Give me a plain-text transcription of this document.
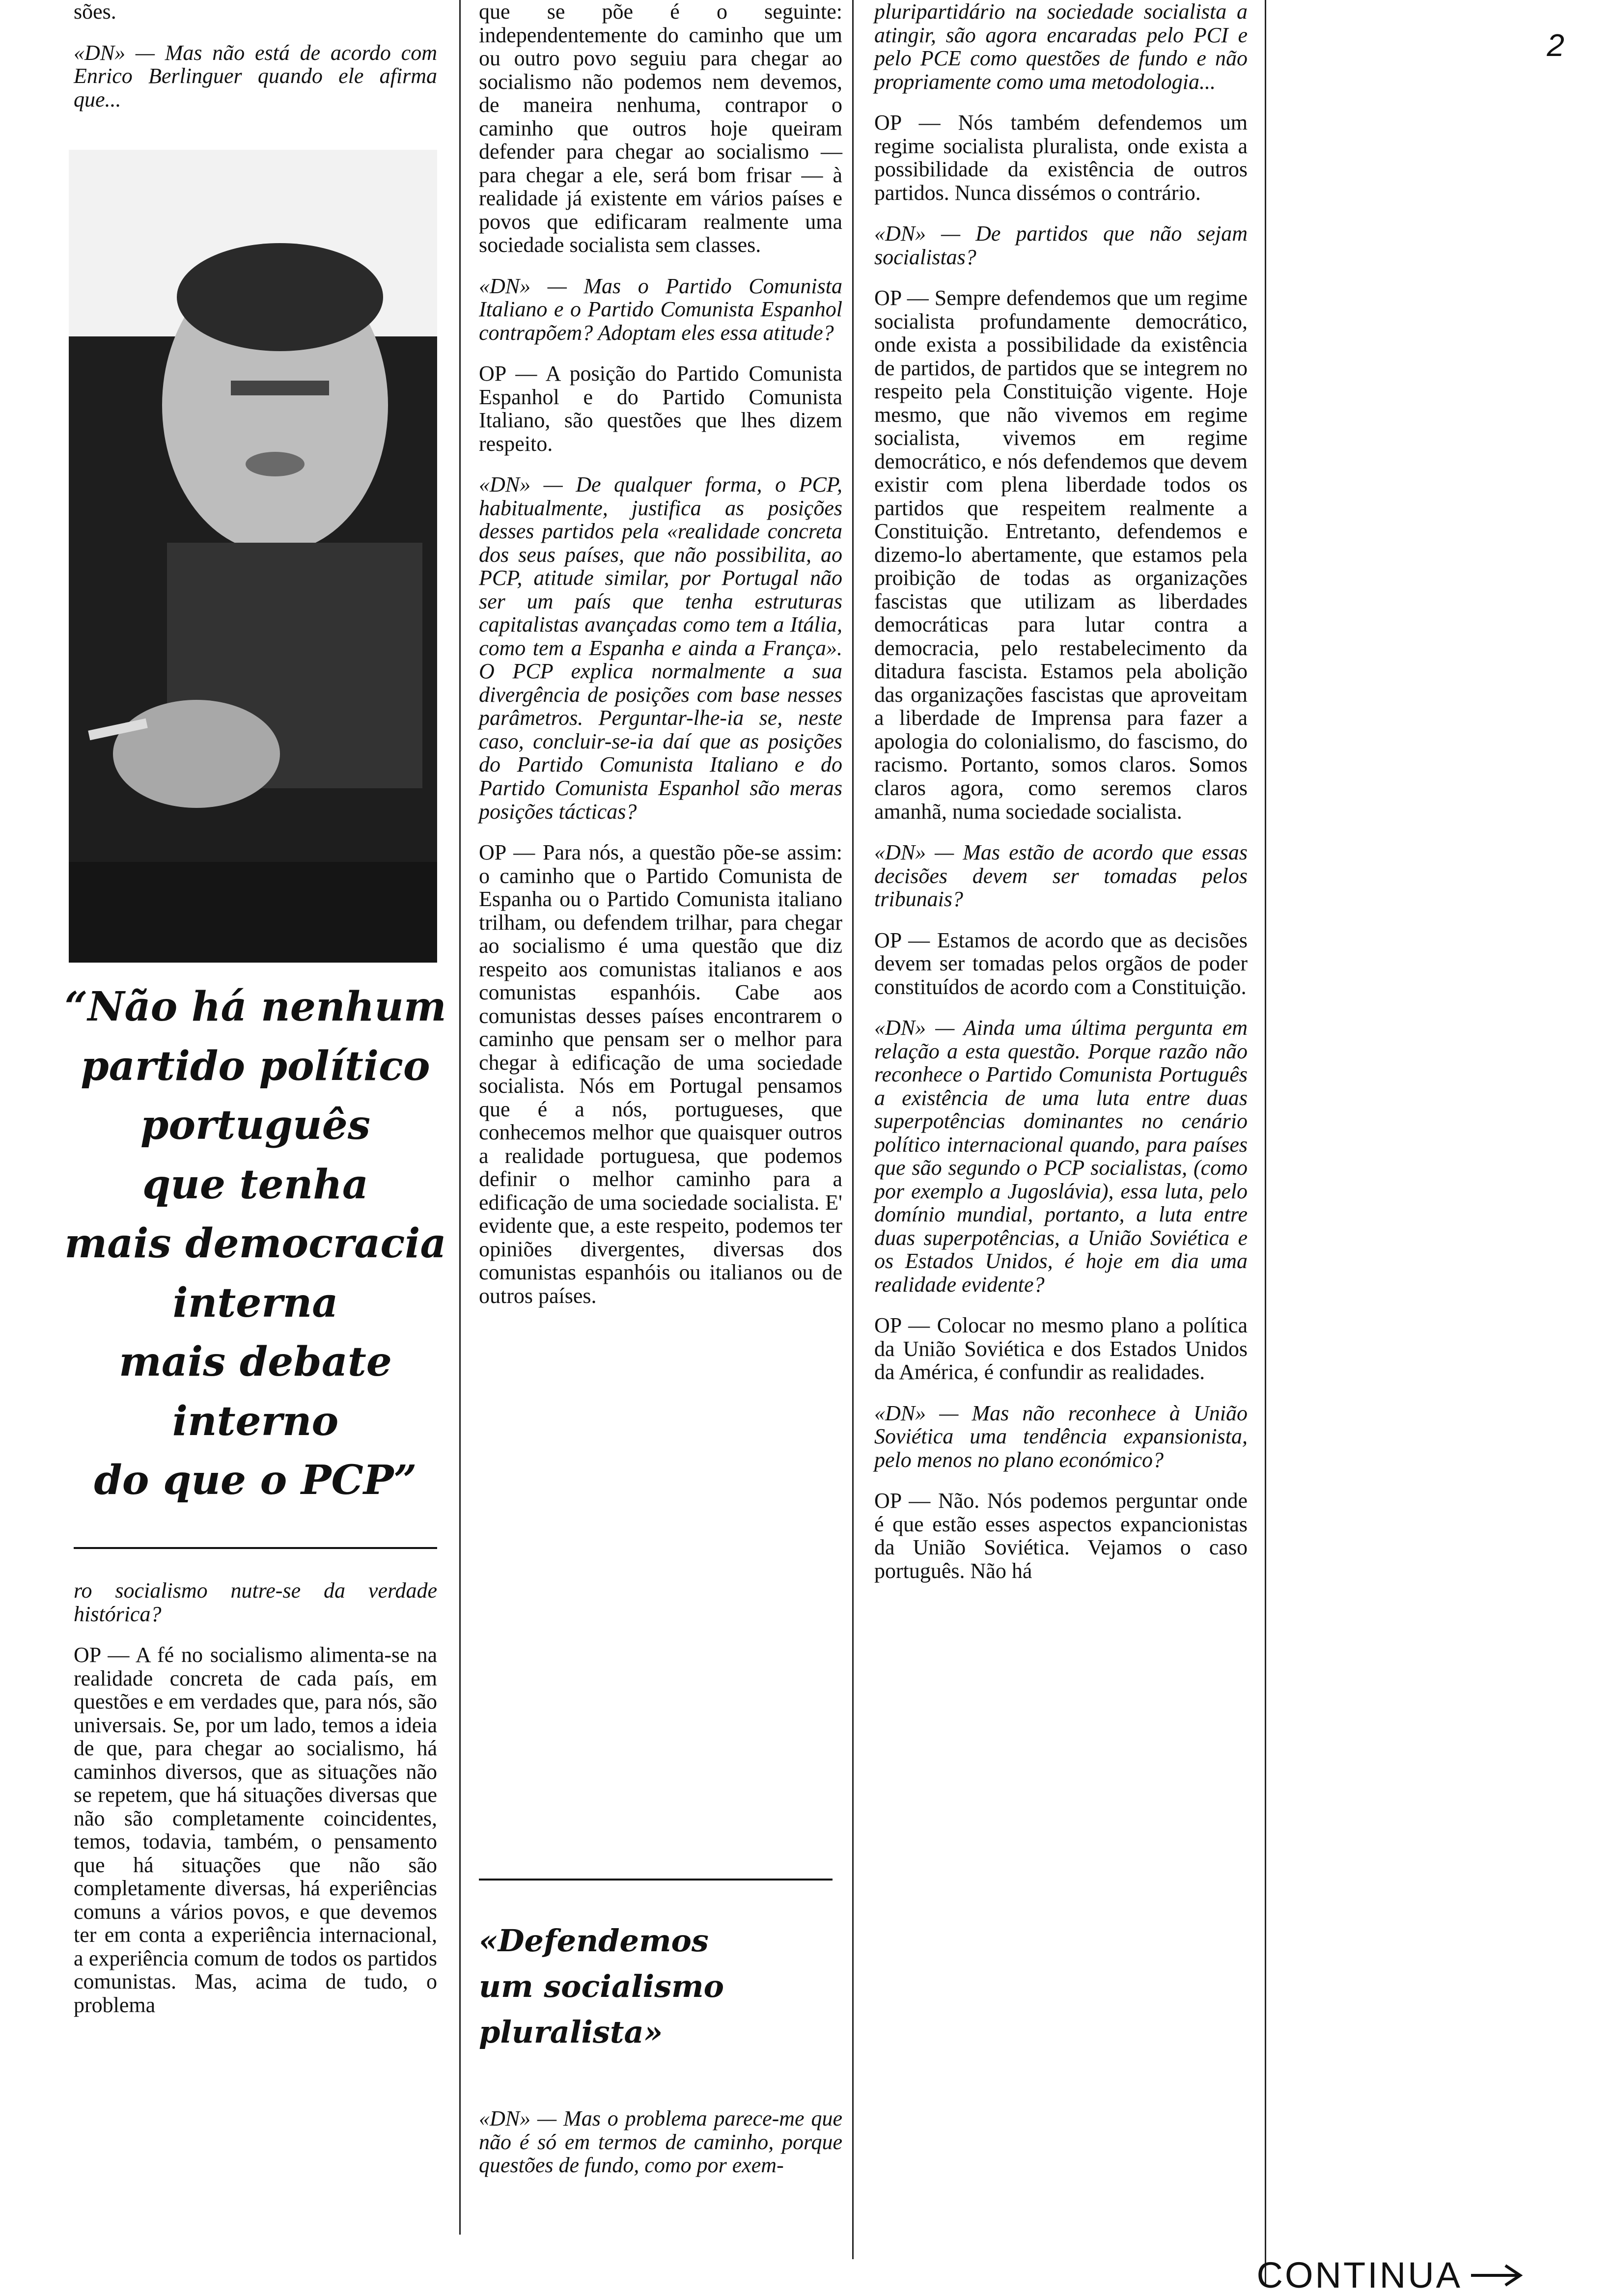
2

sões.

«DN» — Mas não está de acordo com Enrico Berlinguer quando ele afirma que...

“Não há nenhum
partido político
português
que tenha
mais democracia
interna
mais debate
interno
do que o PCP”

ro socialismo nutre-se da verdade histórica?

OP — A fé no socialismo alimenta-se na realidade concreta de cada país, em questões e em verdades que, para nós, são universais. Se, por um lado, temos a ideia de que, para chegar ao socialismo, há caminhos diversos, que as situações não se repetem, que há situações diversas que não são completamente coincidentes, temos, todavia, também, o pensamento que há situações que não são completamente diversas, há experiências comuns a vários povos, e que devemos ter em conta a experiência internacional, a experiência comum de todos os partidos comunistas. Mas, acima de tudo, o problema

que se põe é o seguinte: independentemente do caminho que um ou outro povo seguiu para chegar ao socialismo não podemos nem devemos, de maneira nenhuma, contrapor o caminho que outros hoje queiram defender para chegar ao socialismo — para chegar a ele, será bom frisar — à realidade já existente em vários países e povos que edificaram realmente uma sociedade socialista sem classes.

«DN» — Mas o Partido Comunista Italiano e o Partido Comunista Espanhol contrapõem? Adoptam eles essa atitude?

OP — A posição do Partido Comunista Espanhol e do Partido Comunista Italiano, são questões que lhes dizem respeito.

«DN» — De qualquer forma, o PCP, habitualmente, justifica as posições desses partidos pela «realidade concreta dos seus países, que não possibilita, ao PCP, atitude similar, por Portugal não ser um país que tenha estruturas capitalistas avançadas como tem a Itália, como tem a Espanha e ainda a França». O PCP explica normalmente a sua divergência de posições com base nesses parâmetros. Perguntar-lhe-ia se, neste caso, concluir-se-ia daí que as posições do Partido Comunista Italiano e do Partido Comunista Espanhol são meras posições tácticas?

OP — Para nós, a questão põe-se assim: o caminho que o Partido Comunista de Espanha ou o Partido Comunista italiano trilham, ou defendem trilhar, para chegar ao socialismo é uma questão que diz respeito aos comunistas italianos e aos comunistas espanhóis. Cabe aos comunistas desses países encontrarem o caminho que pensam ser o melhor para chegar à edificação de uma sociedade socialista. Nós em Portugal pensamos que é a nós, portugueses, que conhecemos melhor que quaisquer outros a realidade portuguesa, que podemos definir o melhor caminho para a edificação de uma sociedade socialista. E' evidente que, a este respeito, podemos ter opiniões divergentes, diversas dos comunistas espanhóis ou italianos ou de outros países.

«Defendemos
um socialismo
pluralista»

«DN» — Mas o problema parece-me que não é só em termos de caminho, porque questões de fundo, como por exem-

pluripartidário na sociedade socialista a atingir, são agora encaradas pelo PCI e pelo PCE como questões de fundo e não propriamente como uma metodologia...

OP — Nós também defendemos um regime socialista pluralista, onde exista a possibilidade da existência de outros partidos. Nunca dissémos o contrário.

«DN» — De partidos que não sejam socialistas?

OP — Sempre defendemos que um regime socialista profundamente democrático, onde exista a possibilidade da existência de partidos, de partidos que se integrem no respeito pela Constituição vigente. Hoje mesmo, que não vivemos em regime socialista, vivemos em regime democrático, e nós defendemos que devem existir com plena liberdade todos os partidos que respeitem realmente a Constituição. Entretanto, defendemos e dizemo-lo abertamente, que estamos pela proibição de todas as organizações fascistas que utilizam as liberdades democráticas para lutar contra a democracia, pelo restabelecimento da ditadura fascista. Estamos pela abolição das organizações fascistas que aproveitam a liberdade de Imprensa para fazer a apologia do colonialismo, do fascismo, do racismo. Portanto, somos claros. Somos claros agora, como seremos claros amanhã, numa sociedade socialista.

«DN» — Mas estão de acordo que essas decisões devem ser tomadas pelos tribunais?

OP — Estamos de acordo que as decisões devem ser tomadas pelos orgãos de poder constituídos de acordo com a Constituição.

«DN» — Ainda uma última pergunta em relação a esta questão. Porque razão não reconhece o Partido Comunista Português a existência de uma luta entre duas superpotências dominantes no cenário político internacional quando, para países que são segundo o PCP socialistas, (como por exemplo a Jugoslávia), essa luta, pelo domínio mundial, portanto, a luta entre duas superpotências, a União Soviética e os Estados Unidos, é hoje em dia uma realidade evidente?

OP — Colocar no mesmo plano a política da União Soviética e dos Estados Unidos da América, é confundir as realidades.

«DN» — Mas não reconhece à União Soviética uma tendência expansionista, pelo menos no plano económico?

OP — Não. Nós podemos perguntar onde é que estão esses aspectos expancionistas da União Soviética. Vejamos o caso português. Não há

CONTINUA
